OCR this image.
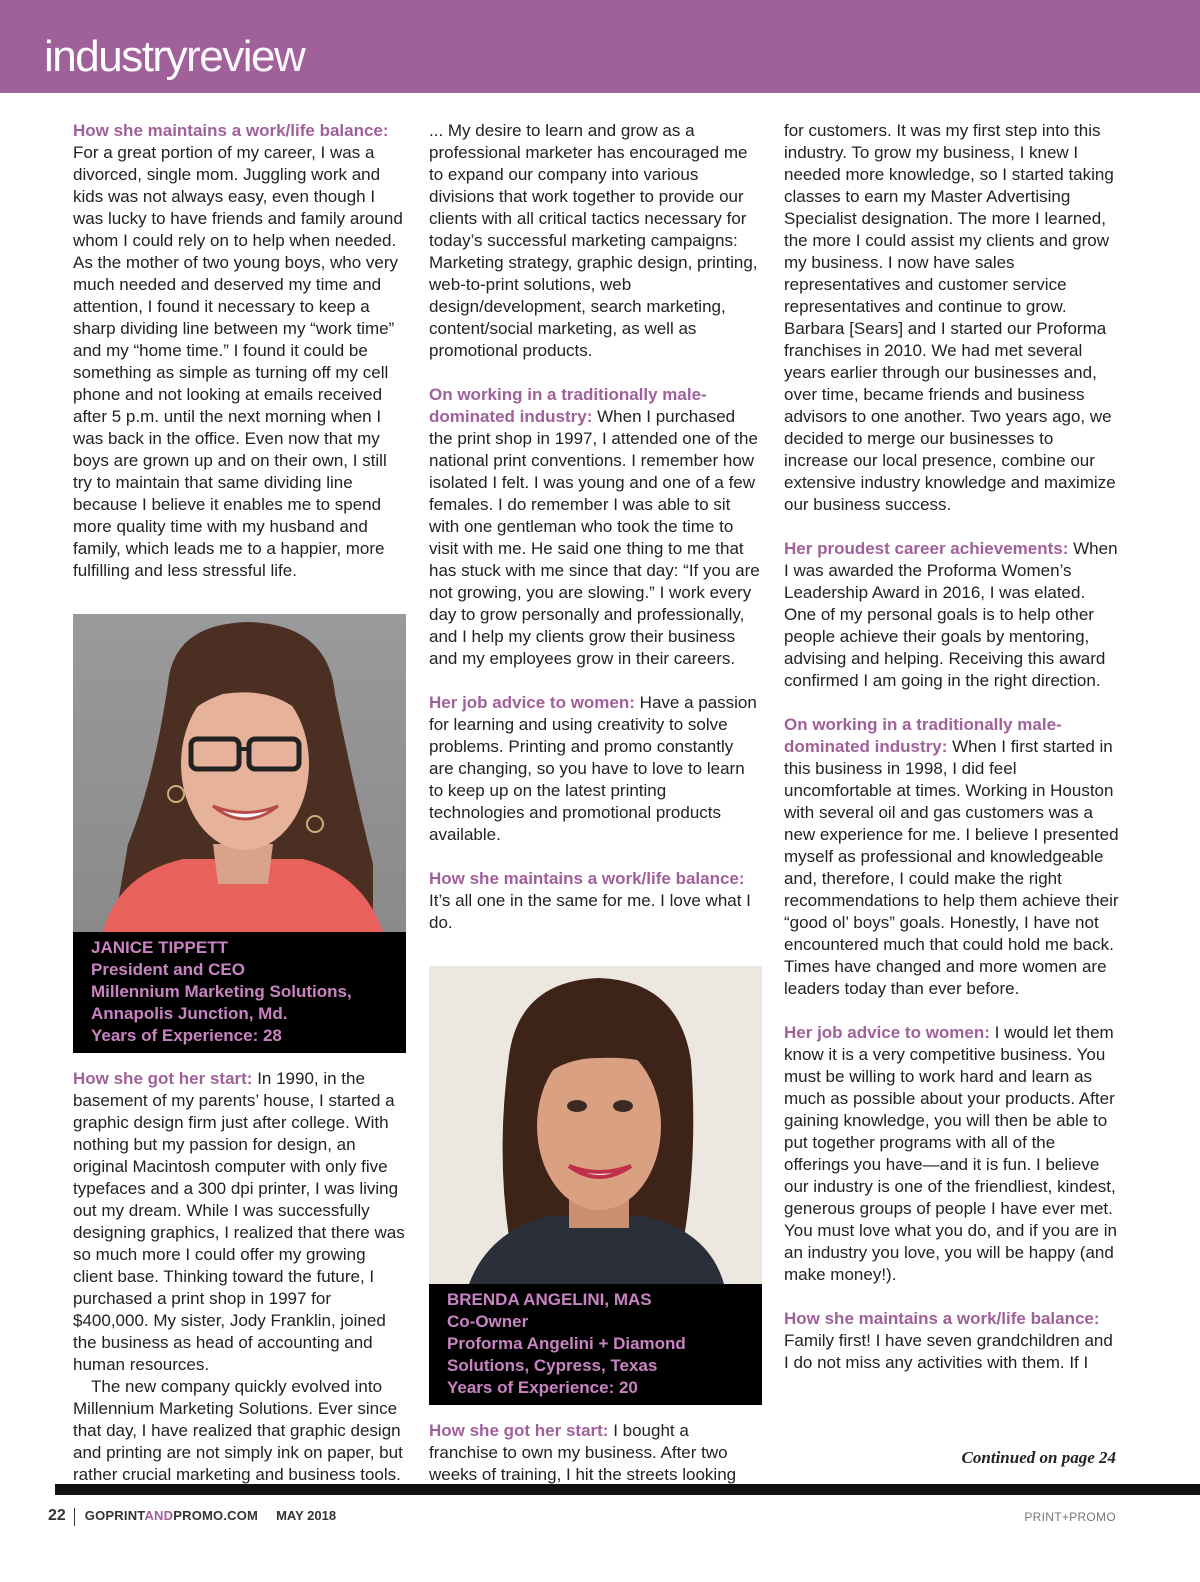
industryreview

How she maintains a work/life balance: For a great portion of my career, I was a divorced, single mom. Juggling work and kids was not always easy, even though I was lucky to have friends and family around whom I could rely on to help when needed. As the mother of two young boys, who very much needed and deserved my time and attention, I found it necessary to keep a sharp dividing line between my “work time” and my “home time.” I found it could be something as simple as turning off my cell phone and not looking at emails received after 5 p.m. until the next morning when I was back in the office. Even now that my boys are grown up and on their own, I still try to maintain that same dividing line because I believe it enables me to spend more quality time with my husband and family, which leads me to a happier, more fulfilling and less stressful life.

JANICE TIPPETT
President and CEO
Millennium Marketing Solutions,
Annapolis Junction, Md.
Years of Experience: 28

How she got her start: In 1990, in the basement of my parents’ house, I started a graphic design firm just after college. With nothing but my passion for design, an original Macintosh computer with only five typefaces and a 300 dpi printer, I was living out my dream. While I was successfully designing graphics, I realized that there was so much more I could offer my growing client base. Thinking toward the future, I purchased a print shop in 1997 for $400,000. My sister, Jody Franklin, joined the business as head of accounting and human resources.

The new company quickly evolved into Millennium Marketing Solutions. Ever since that day, I have realized that graphic design and printing are not simply ink on paper, but rather crucial marketing and business tools.

... My desire to learn and grow as a professional marketer has encouraged me to expand our company into various divisions that work together to provide our clients with all critical tactics necessary for today’s successful marketing campaigns: Marketing strategy, graphic design, printing, web-to-print solutions, web design/development, search marketing, content/social marketing, as well as promotional products.

On working in a traditionally male-dominated industry: When I purchased the print shop in 1997, I attended one of the national print conventions. I remember how isolated I felt. I was young and one of a few females. I do remember I was able to sit with one gentleman who took the time to visit with me. He said one thing to me that has stuck with me since that day: “If you are not growing, you are slowing.” I work every day to grow personally and professionally, and I help my clients grow their business and my employees grow in their careers.

Her job advice to women: Have a passion for learning and using creativity to solve problems. Printing and promo constantly are changing, so you have to love to learn to keep up on the latest printing technologies and promotional products available.

How she maintains a work/life balance: It’s all one in the same for me. I love what I do.

BRENDA ANGELINI, MAS
Co-Owner
Proforma Angelini + Diamond
Solutions, Cypress, Texas
Years of Experience: 20

How she got her start: I bought a franchise to own my business. After two weeks of training, I hit the streets looking

for customers. It was my first step into this industry. To grow my business, I knew I needed more knowledge, so I started taking classes to earn my Master Advertising Specialist designation. The more I learned, the more I could assist my clients and grow my business. I now have sales representatives and customer service representatives and continue to grow. Barbara [Sears] and I started our Proforma franchises in 2010. We had met several years earlier through our businesses and, over time, became friends and business advisors to one another. Two years ago, we decided to merge our businesses to increase our local presence, combine our extensive industry knowledge and maximize our business success.

Her proudest career achievements: When I was awarded the Proforma Women’s Leadership Award in 2016, I was elated. One of my personal goals is to help other people achieve their goals by mentoring, advising and helping. Receiving this award confirmed I am going in the right direction.

On working in a traditionally male-dominated industry: When I first started in this business in 1998, I did feel uncomfortable at times. Working in Houston with several oil and gas customers was a new experience for me. I believe I presented myself as professional and knowledgeable and, therefore, I could make the right recommendations to help them achieve their “good ol’ boys” goals. Honestly, I have not encountered much that could hold me back. Times have changed and more women are leaders today than ever before.

Her job advice to women: I would let them know it is a very competitive business. You must be willing to work hard and learn as much as possible about your products. After gaining knowledge, you will then be able to put together programs with all of the offerings you have—and it is fun. I believe our industry is one of the friendliest, kindest, generous groups of people I have ever met. You must love what you do, and if you are in an industry you love, you will be happy (and make money!).

How she maintains a work/life balance: Family first! I have seven grandchildren and I do not miss any activities with them. If I

Continued on page 24
22 GOPRINTANDPROMO.COM MAY 2018	PRINT+PROMO
